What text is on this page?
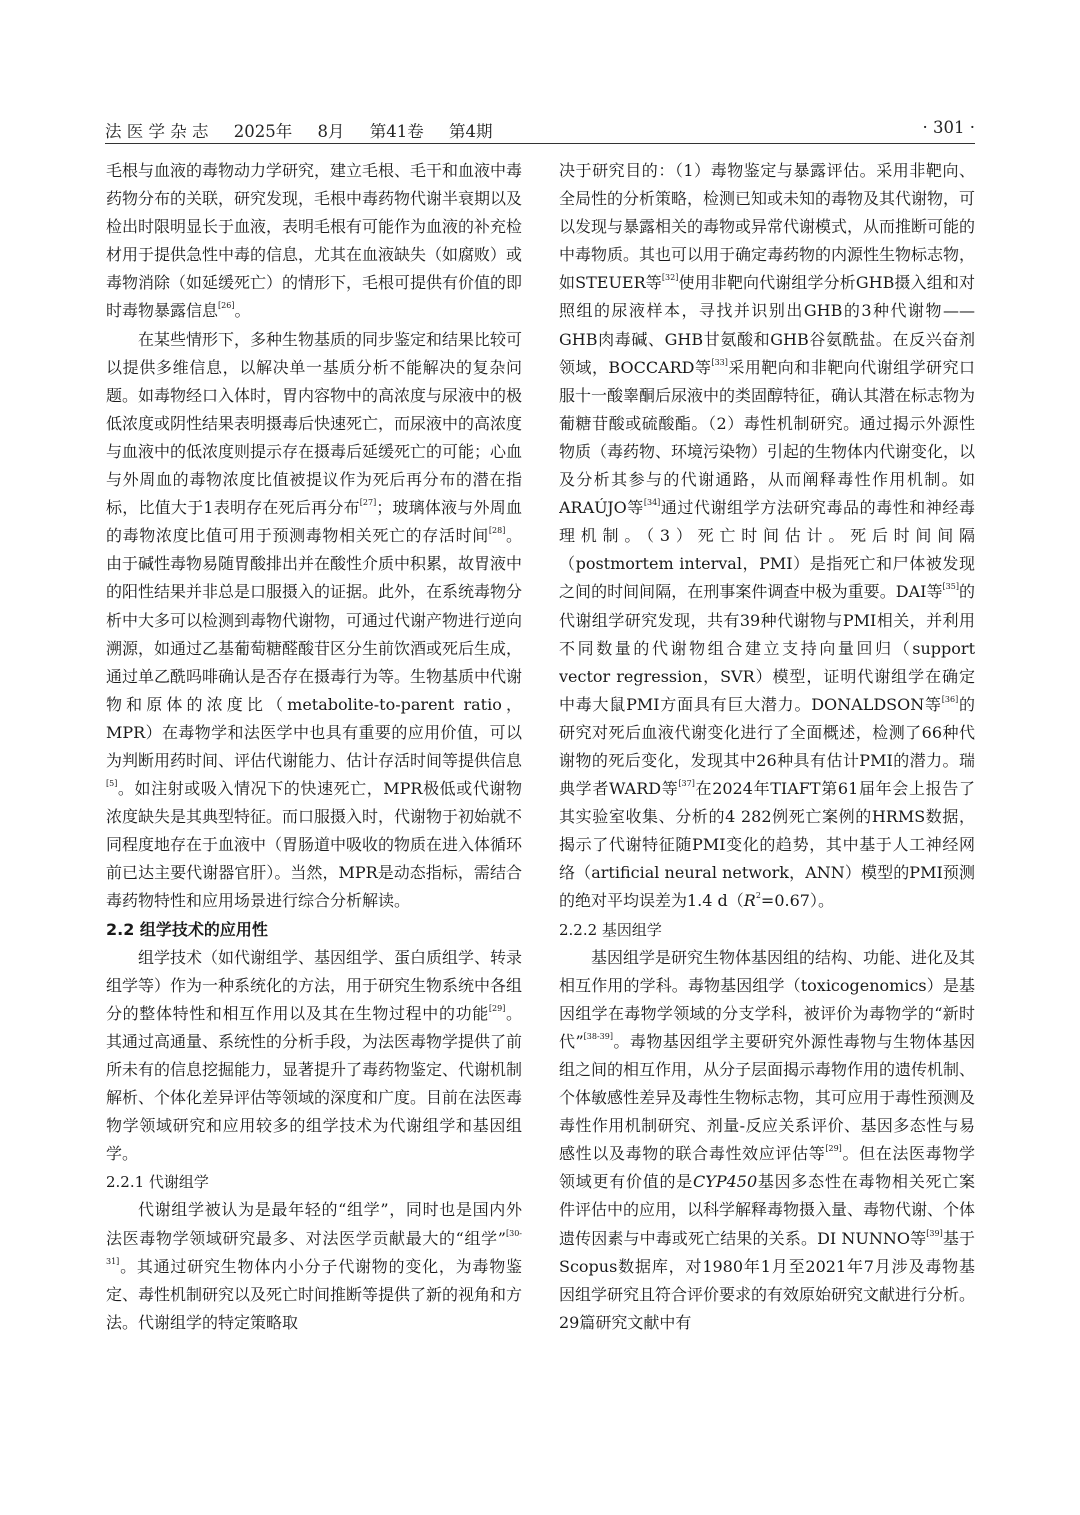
法 医 学 杂 志 2025年 8月 第41卷 第4期	· 301 ·

毛根与血液的毒物动力学研究，建立毛根、毛干和血液中毒药物分布的关联，研究发现，毛根中毒药物代谢半衰期以及检出时限明显长于血液，表明毛根有可能作为血液的补充检材用于提供急性中毒的信息，尤其在血液缺失（如腐败）或毒物消除（如延缓死亡）的情形下，毛根可提供有价值的即时毒物暴露信息[26]。

在某些情形下，多种生物基质的同步鉴定和结果比较可以提供多维信息，以解决单一基质分析不能解决的复杂问题。如毒物经口入体时，胃内容物中的高浓度与尿液中的极低浓度或阴性结果表明摄毒后快速死亡，而尿液中的高浓度与血液中的低浓度则提示存在摄毒后延缓死亡的可能；心血与外周血的毒物浓度比值被提议作为死后再分布的潜在指标，比值大于1表明存在死后再分布[27]；玻璃体液与外周血的毒物浓度比值可用于预测毒物相关死亡的存活时间[28]。由于碱性毒物易随胃酸排出并在酸性介质中积累，故胃液中的阳性结果并非总是口服摄入的证据。此外，在系统毒物分析中大多可以检测到毒物代谢物，可通过代谢产物进行逆向溯源，如通过乙基葡萄糖醛酸苷区分生前饮酒或死后生成，通过单乙酰吗啡确认是否存在摄毒行为等。生物基质中代谢物和原体的浓度比（metabolite-to-parent ratio，MPR）在毒物学和法医学中也具有重要的应用价值，可以为判断用药时间、评估代谢能力、估计存活时间等提供信息[5]。如注射或吸入情况下的快速死亡，MPR极低或代谢物浓度缺失是其典型特征。而口服摄入时，代谢物于初始就不同程度地存在于血液中（胃肠道中吸收的物质在进入体循环前已达主要代谢器官肝）。当然，MPR是动态指标，需结合毒药物特性和应用场景进行综合分析解读。

2.2 组学技术的应用性

组学技术（如代谢组学、基因组学、蛋白质组学、转录组学等）作为一种系统化的方法，用于研究生物系统中各组分的整体特性和相互作用以及其在生物过程中的功能[29]。其通过高通量、系统性的分析手段，为法医毒物学提供了前所未有的信息挖掘能力，显著提升了毒药物鉴定、代谢机制解析、个体化差异评估等领域的深度和广度。目前在法医毒物学领域研究和应用较多的组学技术为代谢组学和基因组学。

2.2.1 代谢组学

代谢组学被认为是最年轻的“组学”，同时也是国内外法医毒物学领域研究最多、对法医学贡献最大的“组学”[30-31]。其通过研究生物体内小分子代谢物的变化，为毒物鉴定、毒性机制研究以及死亡时间推断等提供了新的视角和方法。代谢组学的特定策略取

决于研究目的：（1）毒物鉴定与暴露评估。采用非靶向、全局性的分析策略，检测已知或未知的毒物及其代谢物，可以发现与暴露相关的毒物或异常代谢模式，从而推断可能的中毒物质。其也可以用于确定毒药物的内源性生物标志物，如STEUER等[32]使用非靶向代谢组学分析GHB摄入组和对照组的尿液样本，寻找并识别出GHB的3种代谢物——GHB肉毒碱、GHB甘氨酸和GHB谷氨酰盐。在反兴奋剂领域，BOCCARD等[33]采用靶向和非靶向代谢组学研究口服十一酸睾酮后尿液中的类固醇特征，确认其潜在标志物为葡糖苷酸或硫酸酯。（2）毒性机制研究。通过揭示外源性物质（毒药物、环境污染物）引起的生物体内代谢变化，以及分析其参与的代谢通路，从而阐释毒性作用机制。如ARAÚJO等[34]通过代谢组学方法研究毒品的毒性和神经毒理机制。（3）死亡时间估计。死后时间间隔（postmortem interval，PMI）是指死亡和尸体被发现之间的时间间隔，在刑事案件调查中极为重要。DAI等[35]的代谢组学研究发现，共有39种代谢物与PMI相关，并利用不同数量的代谢物组合建立支持向量回归（support vector regression，SVR）模型，证明代谢组学在确定中毒大鼠PMI方面具有巨大潜力。DONALDSON等[36]的研究对死后血液代谢变化进行了全面概述，检测了66种代谢物的死后变化，发现其中26种具有估计PMI的潜力。瑞典学者WARD等[37]在2024年TIAFT第61届年会上报告了其实验室收集、分析的4 282例死亡案例的HRMS数据，揭示了代谢特征随PMI变化的趋势，其中基于人工神经网络（artificial neural network，ANN）模型的PMI预测的绝对平均误差为1.4 $d(R^2=0.67)$。

2.2.2 基因组学

基因组学是研究生物体基因组的结构、功能、进化及其相互作用的学科。毒物基因组学（toxicogenomics）是基因组学在毒物学领域的分支学科，被评价为毒物学的“新时代”[38-39]。毒物基因组学主要研究外源性毒物与生物体基因组之间的相互作用，从分子层面揭示毒物作用的遗传机制、个体敏感性差异及毒性生物标志物，其可应用于毒性预测及毒性作用机制研究、剂量-反应关系评价、基因多态性与易感性以及毒物的联合毒性效应评估等[29]。但在法医毒物学领域更有价值的是CYP450基因多态性在毒物相关死亡案件评估中的应用，以科学解释毒物摄入量、毒物代谢、个体遗传因素与中毒或死亡结果的关系。DI NUNNO等[39]基于Scopus数据库，对1980年1月至2021年7月涉及毒物基因组学研究且符合评价要求的有效原始研究文献进行分析。29篇研究文献中有
